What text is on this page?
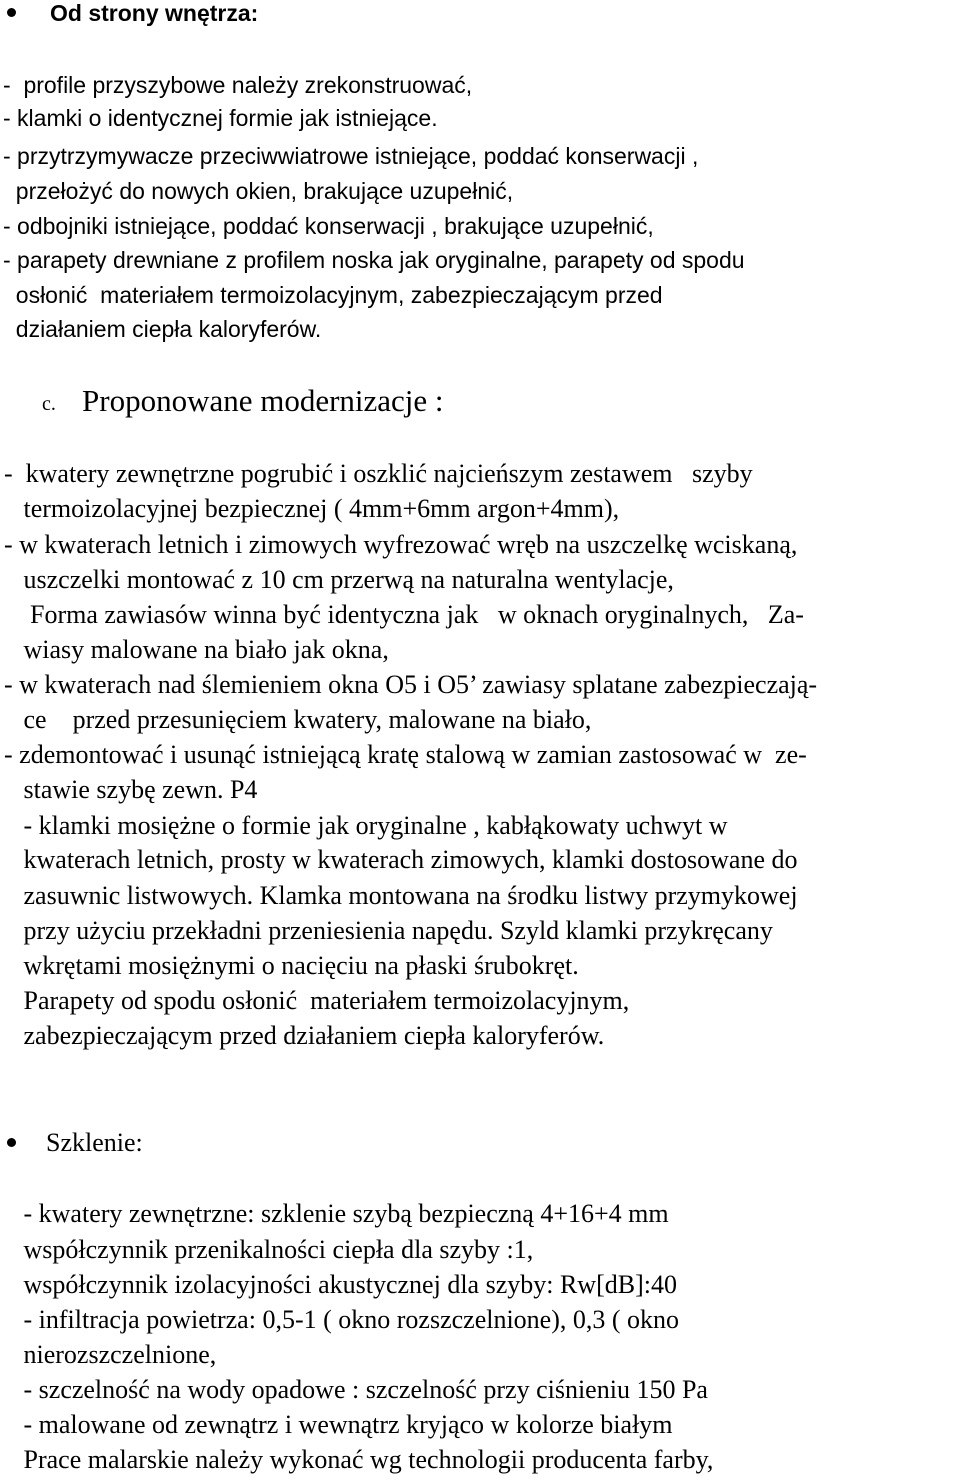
Od strony wnętrza:
-  profile przyszybowe należy zrekonstruować,
- klamki o identycznej formie jak istniejące.
- przytrzymywacze przeciwwiatrowe istniejące, poddać konserwacji ,
przełożyć do nowych okien, brakujące uzupełnić,
- odbojniki istniejące, poddać konserwacji , brakujące uzupełnić,
- parapety drewniane z profilem noska jak oryginalne, parapety od spodu
osłonić  materiałem termoizolacyjnym, zabezpieczającym przed
działaniem ciepła kaloryferów.
c. Proponowane modernizacje :
-  kwatery zewnętrzne pogrubić i oszklić najcieńszym zestawem   szyby
termoizolacyjnej bezpiecznej ( 4mm+6mm argon+4mm),
- w kwaterach letnich i zimowych wyfrezować wręb na uszczelkę wciskaną,
uszczelki montować z 10 cm przerwą na naturalna wentylacje,
Forma zawiasów winna być identyczna jak   w oknach oryginalnych,   Za-
wiasy malowane na biało jak okna,
- w kwaterach nad ślemieniem okna O5 i O5’ zawiasy splatane zabezpieczają-
ce    przed przesunięciem kwatery, malowane na biało,
- zdemontować i usunąć istniejącą kratę stalową w zamian zastosować w  ze-
stawie szybę zewn. P4
- klamki mosiężne o formie jak oryginalne , kabłąkowaty uchwyt w
kwaterach letnich, prosty w kwaterach zimowych, klamki dostosowane do
zasuwnic listwowych. Klamka montowana na środku listwy przymykowej
przy użyciu przekładni przeniesienia napędu. Szyld klamki przykręcany
wkrętami mosiężnymi o nacięciu na płaski śrubokręt.
Parapety od spodu osłonić  materiałem termoizolacyjnym,
zabezpieczającym przed działaniem ciepła kaloryferów.
Szklenie:
- kwatery zewnętrzne: szklenie szybą bezpieczną 4+16+4 mm
współczynnik przenikalności ciepła dla szyby :1,
współczynnik izolacyjności akustycznej dla szyby: Rw[dB]:40
- infiltracja powietrza: 0,5-1 ( okno rozszczelnione), 0,3 ( okno
nierozszczelnione,
- szczelność na wody opadowe : szczelność przy ciśnieniu 150 Pa
- malowane od zewnątrz i wewnątrz kryjąco w kolorze białym
Prace malarskie należy wykonać wg technologii producenta farby,
